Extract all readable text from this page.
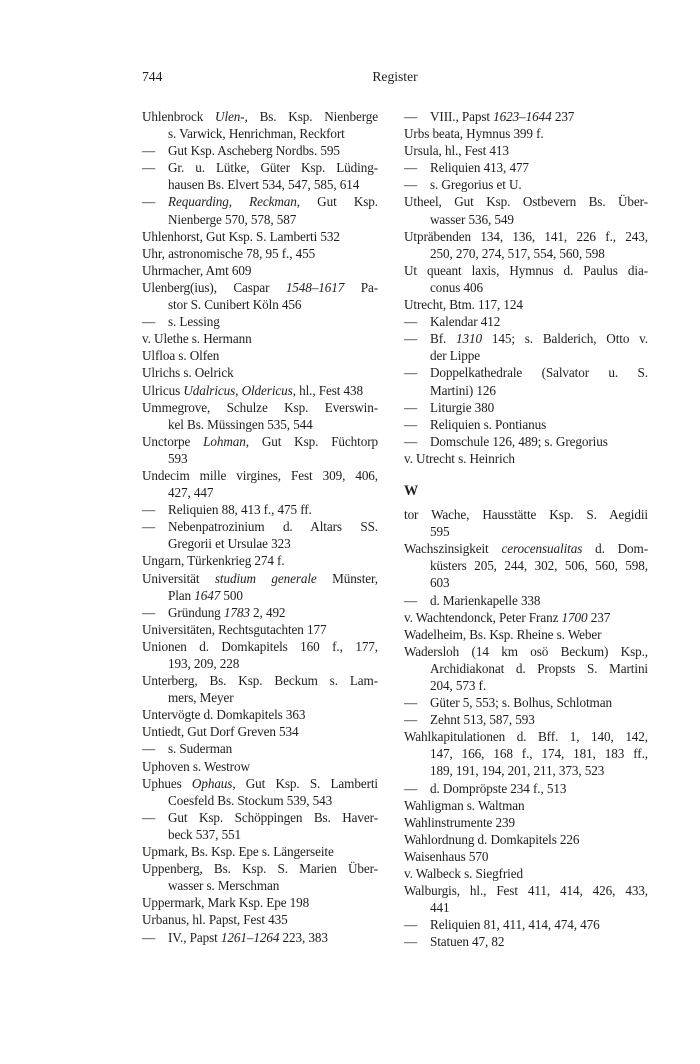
744	Register
Uhlenbrock Ulen-, Bs. Ksp. Nienberge
s. Varwick, Henrichman, Reckfort
— Gut Ksp. Ascheberg Nordbs. 595
— Gr. u. Lütke, Güter Ksp. Lüding-
hausen Bs. Elvert 534, 547, 585, 614
— Requarding, Reckman, Gut Ksp.
Nienberge 570, 578, 587
Uhlenhorst, Gut Ksp. S. Lamberti 532
Uhr, astronomische 78, 95 f., 455
Uhrmacher, Amt 609
Ulenberg(ius), Caspar 1548–1617 Pa-
stor S. Cunibert Köln 456
— s. Lessing
v. Ulethe s. Hermann
Ulfloa s. Olfen
Ulrichs s. Oelrick
Ulricus Udalricus, Oldericus, hl., Fest 438
Ummegrove, Schulze Ksp. Everswin-
kel Bs. Müssingen 535, 544
Unctorpe Lohman, Gut Ksp. Füchtorp
593
Undecim mille virgines, Fest 309, 406,
427, 447
— Reliquien 88, 413 f., 475 ff.
— Nebenpatrozinium d. Altars SS.
Gregorii et Ursulae 323
Ungarn, Türkenkrieg 274 f.
Universität studium generale Münster,
Plan 1647 500
— Gründung 1783 2, 492
Universitäten, Rechtsgutachten 177
Unionen d. Domkapitels 160 f., 177,
193, 209, 228
Unterberg, Bs. Ksp. Beckum s. Lam-
mers, Meyer
Untervögte d. Domkapitels 363
Untiedt, Gut Dorf Greven 534
— s. Suderman
Uphoven s. Westrow
Uphues Ophaus, Gut Ksp. S. Lamberti
Coesfeld Bs. Stockum 539, 543
— Gut Ksp. Schöppingen Bs. Haver-
beck 537, 551
Upmark, Bs. Ksp. Epe s. Längerseite
Uppenberg, Bs. Ksp. S. Marien Über-
wasser s. Merschman
Uppermark, Mark Ksp. Epe 198
Urbanus, hl. Papst, Fest 435
— IV., Papst 1261–1264 223, 383
— VIII., Papst 1623–1644 237
Urbs beata, Hymnus 399 f.
Ursula, hl., Fest 413
— Reliquien 413, 477
— s. Gregorius et U.
Utheel, Gut Ksp. Ostbevern Bs. Über-
wasser 536, 549
Utpräbenden 134, 136, 141, 226 f., 243,
250, 270, 274, 517, 554, 560, 598
Ut queant laxis, Hymnus d. Paulus dia-
conus 406
Utrecht, Btm. 117, 124
— Kalendar 412
— Bf. 1310 145; s. Balderich, Otto v.
der Lippe
— Doppelkathedrale (Salvator u. S.
Martini) 126
— Liturgie 380
— Reliquien s. Pontianus
— Domschule 126, 489; s. Gregorius
v. Utrecht s. Heinrich
W
tor Wache, Hausstätte Ksp. S. Aegidii
595
Wachszinsigkeit cerocensualitas d. Dom-
küsters 205, 244, 302, 506, 560, 598,
603
— d. Marienkapelle 338
v. Wachtendonck, Peter Franz 1700 237
Wadelheim, Bs. Ksp. Rheine s. Weber
Wadersloh (14 km osö Beckum) Ksp.,
Archidiakonat d. Propsts S. Martini
204, 573 f.
— Güter 5, 553; s. Bolhus, Schlotman
— Zehnt 513, 587, 593
Wahlkapitulationen d. Bff. 1, 140, 142,
147, 166, 168 f., 174, 181, 183 ff.,
189, 191, 194, 201, 211, 373, 523
— d. Dompröpste 234 f., 513
Wahligman s. Waltman
Wahlinstrumente 239
Wahlordnung d. Domkapitels 226
Waisenhaus 570
v. Walbeck s. Siegfried
Walburgis, hl., Fest 411, 414, 426, 433,
441
— Reliquien 81, 411, 414, 474, 476
— Statuen 47, 82
